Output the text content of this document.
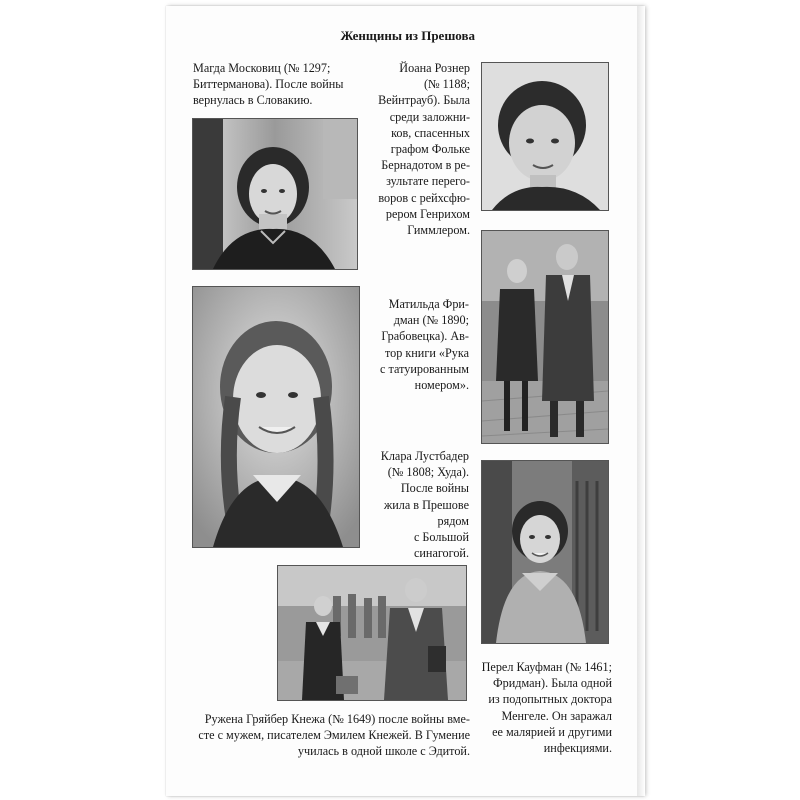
Женщины из Прешова
Магда Московиц (№ 1297;
Биттерманова). После войны
вернулась в Словакию.
Йоана Рознер
(№ 1188;
Вейнтрауб). Была
среди заложни-
ков, спасенных
графом Фольке
Бернадотом в ре-
зультате перего-
воров с рейхсфю-
рером Генрихом
Гиммлером.
Матильда Фри-
дман (№ 1890;
Грабовецка). Ав-
тор книги «Рука
с татуированным
номером».
Клара Лустбадер
(№ 1808; Худа).
После войны
жила в Прешове
рядом
с Большой
синагогой.
Перел Кауфман (№ 1461;
Фридман). Была одной
из подопытных доктора
Менгеле. Он заражал
ее малярией и другими
инфекциями.
Ружена Гряйбер Кнежа (№ 1649) после войны вме-
сте с мужем, писателем Эмилем Кнежей. В Гумение
училась в одной школе с Эдитой.
